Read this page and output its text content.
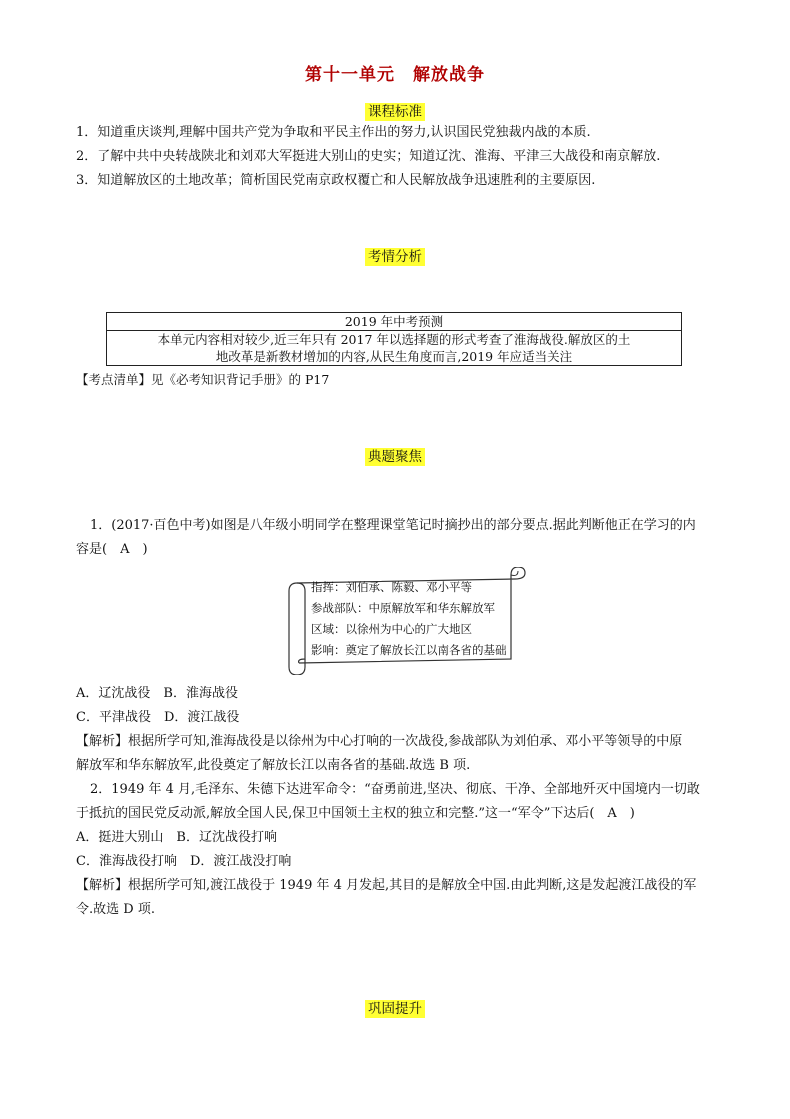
第十一单元　解放战争
课程标准
1．知道重庆谈判,理解中国共产党为争取和平民主作出的努力,认识国民党独裁内战的本质.
2．了解中共中央转战陕北和刘邓大军挺进大别山的史实；知道辽沈、淮海、平津三大战役和南京解放.
3．知道解放区的土地改革；简析国民党南京政权覆亡和人民解放战争迅速胜利的主要原因.
考情分析
2019 年中考预测

本单元内容相对较少,近三年只有 2017 年以选择题的形式考查了淮海战役.解放区的土
地改革是新教材增加的内容,从民生角度而言,2019 年应适当关注
【考点清单】见《必考知识背记手册》的 P17
典题聚焦
1．(2017·百色中考)如图是八年级小明同学在整理课堂笔记时摘抄出的部分要点.据此判断他正在学习的内
容是(　A　)
指挥：刘伯承、陈毅、邓小平等
参战部队：中原解放军和华东解放军
区域：以徐州为中心的广大地区
影响：奠定了解放长江以南各省的基础
A．辽沈战役　B．淮海战役
C．平津战役　D．渡江战役
【解析】根据所学可知,淮海战役是以徐州为中心打响的一次战役,参战部队为刘伯承、邓小平等领导的中原
解放军和华东解放军,此役奠定了解放长江以南各省的基础.故选 B 项.
2．1949 年 4 月,毛泽东、朱德下达进军命令：“奋勇前进,坚决、彻底、干净、全部地歼灭中国境内一切敢
于抵抗的国民党反动派,解放全国人民,保卫中国领土主权的独立和完整.”这一“军令”下达后(　A　)
A．挺进大别山　B．辽沈战役打响
C．淮海战役打响　D．渡江战没打响
【解析】根据所学可知,渡江战役于 1949 年 4 月发起,其目的是解放全中国.由此判断,这是发起渡江战役的军
令.故选 D 项.
巩固提升
